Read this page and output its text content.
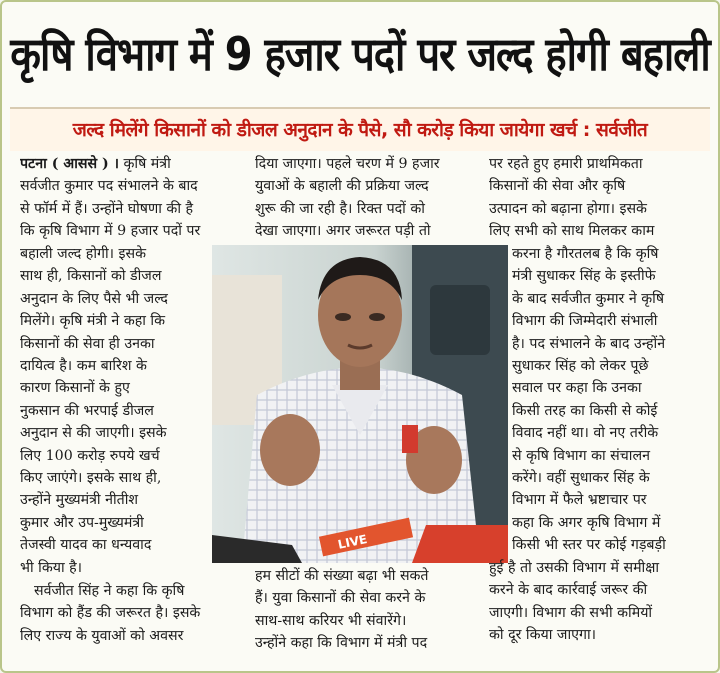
कृषि विभाग में 9 हजार पदों पर जल्द होगी बहाली
जल्द मिलेंगे किसानों को डीजल अनुदान के पैसे, सौ करोड़ किया जायेगा खर्च : सर्वजीत
पटना ( आससे ) । कृषि मंत्री
सर्वजीत कुमार पद संभालने के बाद
से फॉर्म में हैं। उन्होंने घोषणा की है
कि कृषि विभाग में 9 हजार पदों पर
दिया जाएगा। पहले चरण में 9 हजार
युवाओं के बहाली की प्रक्रिया जल्द
शुरू की जा रही है। रिक्त पदों को
देखा जाएगा। अगर जरूरत पड़ी तो
पर रहते हुए हमारी प्राथमिकता
किसानों की सेवा और कृषि
उत्पादन को बढ़ाना होगा। इसके
लिए सभी को साथ मिलकर काम
बहाली जल्द होगी। इसके
साथ ही, किसानों को डीजल
अनुदान के लिए पैसे भी जल्द
मिलेंगे। कृषि मंत्री ने कहा कि
किसानों की सेवा ही उनका
दायित्व है। कम बारिश के
कारण किसानों के हुए
नुकसान की भरपाई डीजल
अनुदान से की जाएगी। इसके
लिए 100 करोड़ रुपये खर्च
किए जाएंगे। इसके साथ ही,
उन्होंने मुख्यमंत्री नीतीश
कुमार और उप-मुख्यमंत्री
तेजस्वी यादव का धन्यवाद
भी किया है।
सर्वजीत सिंह ने कहा कि कृषि
विभाग को हैंड की जरूरत है। इसके
लिए राज्य के युवाओं को अवसर
LIVE
करना है गौरतलब है कि कृषि
मंत्री सुधाकर सिंह के इस्तीफे
के बाद सर्वजीत कुमार ने कृषि
विभाग की जिम्मेदारी संभाली
है। पद संभालने के बाद उन्होंने
सुधाकर सिंह को लेकर पूछे
सवाल पर कहा कि उनका
किसी तरह का किसी से कोई
विवाद नहीं था। वो नए तरीके
से कृषि विभाग का संचालन
करेंगे। वहीं सुधाकर सिंह के
विभाग में फैले भ्रष्टाचार पर
कहा कि अगर कृषि विभाग में
किसी भी स्तर पर कोई गड़बड़ी
हम सीटों की संख्या बढ़ा भी सकते
हैं। युवा किसानों की सेवा करने के
साथ-साथ करियर भी संवारेंगे।
उन्होंने कहा कि विभाग में मंत्री पद
हुई है तो उसकी विभाग में समीक्षा
करने के बाद कार्रवाई जरूर की
जाएगी। विभाग की सभी कमियों
को दूर किया जाएगा।
